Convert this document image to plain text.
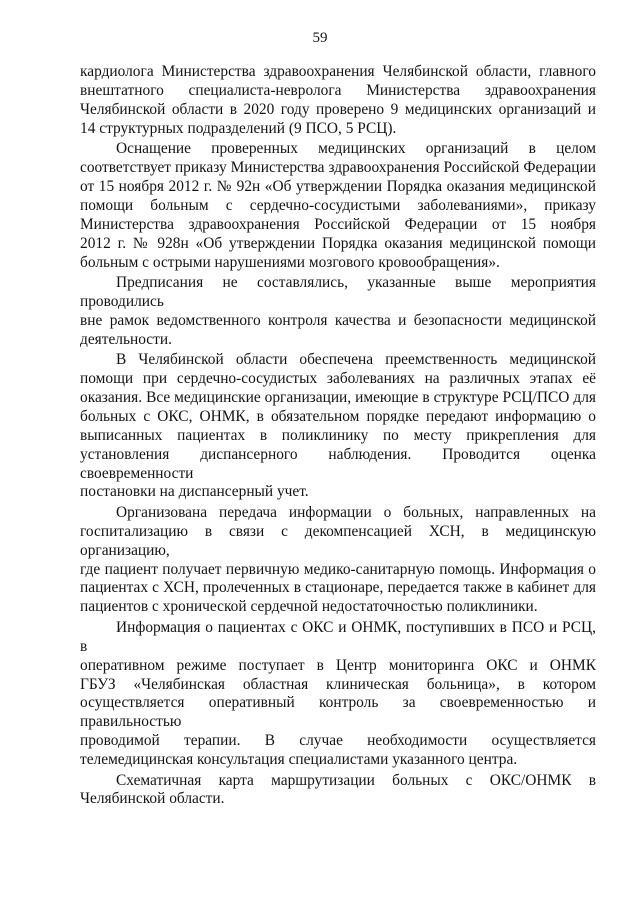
59

кардиолога Министерства здравоохранения Челябинской области, главного
внештатного специалиста-невролога Министерства здравоохранения
Челябинской области в 2020 году проверено 9 медицинских организаций и
14 структурных подразделений (9 ПСО, 5 РСЦ).

Оснащение проверенных медицинских организаций в целом
соответствует приказу Министерства здравоохранения Российской Федерации
от 15 ноября 2012 г. № 92н «Об утверждении Порядка оказания медицинской
помощи больным с сердечно-сосудистыми заболеваниями», приказу
Министерства здравоохранения Российской Федерации от 15 ноября
2012 г. № 928н «Об утверждении Порядка оказания медицинской помощи
больным с острыми нарушениями мозгового кровообращения».

Предписания не составлялись, указанные выше мероприятия проводились
вне рамок ведомственного контроля качества и безопасности медицинской
деятельности.

В Челябинской области обеспечена преемственность медицинской
помощи при сердечно-сосудистых заболеваниях на различных этапах её
оказания. Все медицинские организации, имеющие в структуре РСЦ/ПСО для
больных с ОКС, ОНМК, в обязательном порядке передают информацию о
выписанных пациентах в поликлинику по месту прикрепления для
установления диспансерного наблюдения. Проводится оценка своевременности
постановки на диспансерный учет.

Организована передача информации о больных, направленных на
госпитализацию в связи с декомпенсацией ХСН, в медицинскую организацию,
где пациент получает первичную медико-санитарную помощь. Информация о
пациентах с ХСН, пролеченных в стационаре, передается также в кабинет для
пациентов с хронической сердечной недостаточностью поликлиники.

Информация о пациентах с ОКС и ОНМК, поступивших в ПСО и РСЦ, в
оперативном режиме поступает в Центр мониторинга ОКС и ОНМК
ГБУЗ «Челябинская областная клиническая больница», в котором
осуществляется оперативный контроль за своевременностью и правильностью
проводимой терапии. В случае необходимости осуществляется
телемедицинская консультация специалистами указанного центра.

Схематичная карта маршрутизации больных с ОКС/ОНМК в
Челябинской области.
